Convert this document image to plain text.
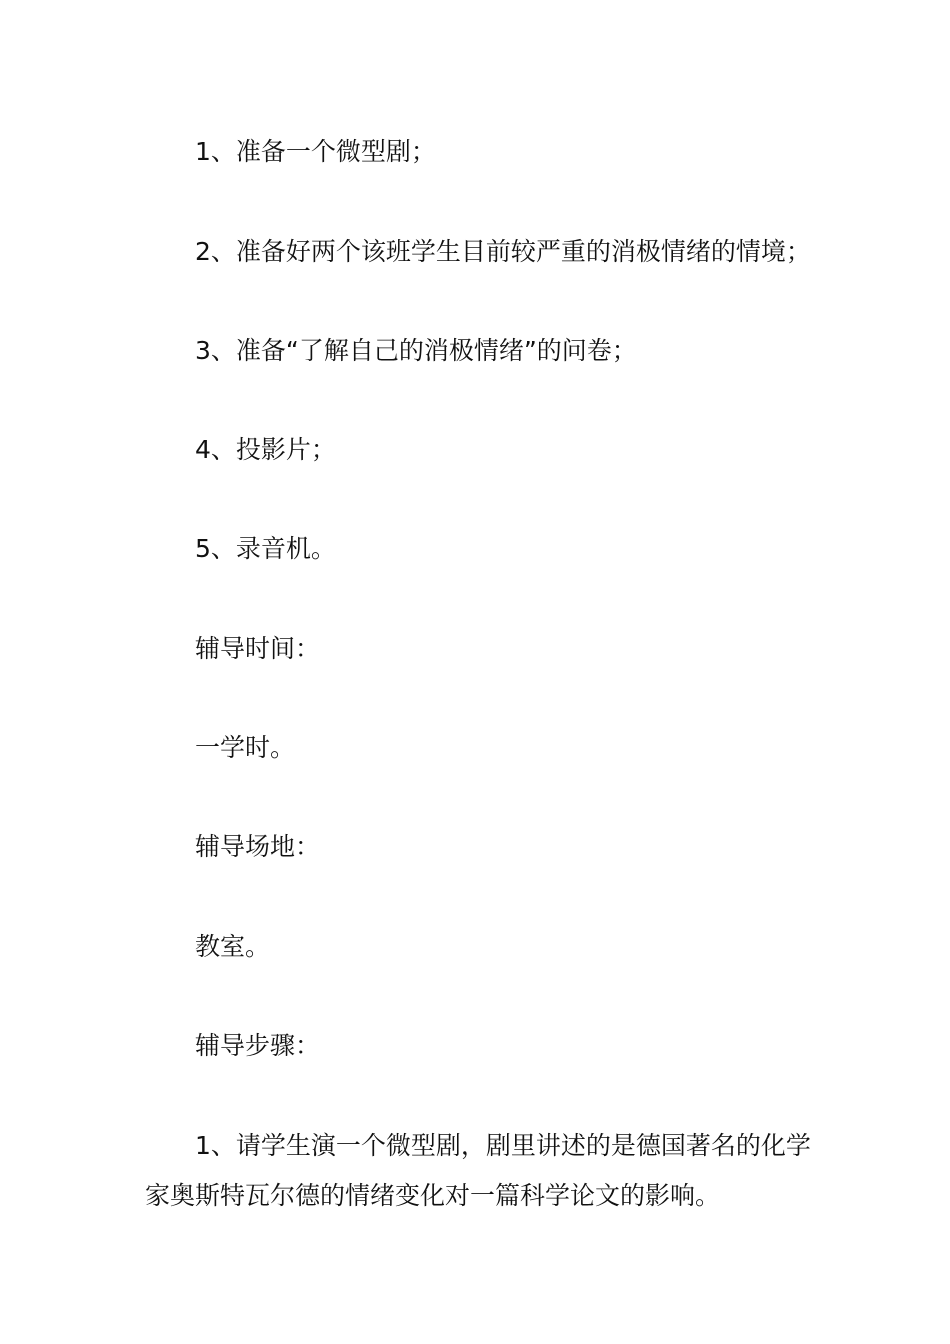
1、准备一个微型剧；

2、准备好两个该班学生目前较严重的消极情绪的情境；

3、准备“了解自己的消极情绪”的问卷；

4、投影片；

5、录音机。

辅导时间：

一学时。

辅导场地：

教室。

辅导步骤：

1、请学生演一个微型剧，剧里讲述的是德国著名的化学家奥斯特瓦尔德的情绪变化对一篇科学论文的影响。
